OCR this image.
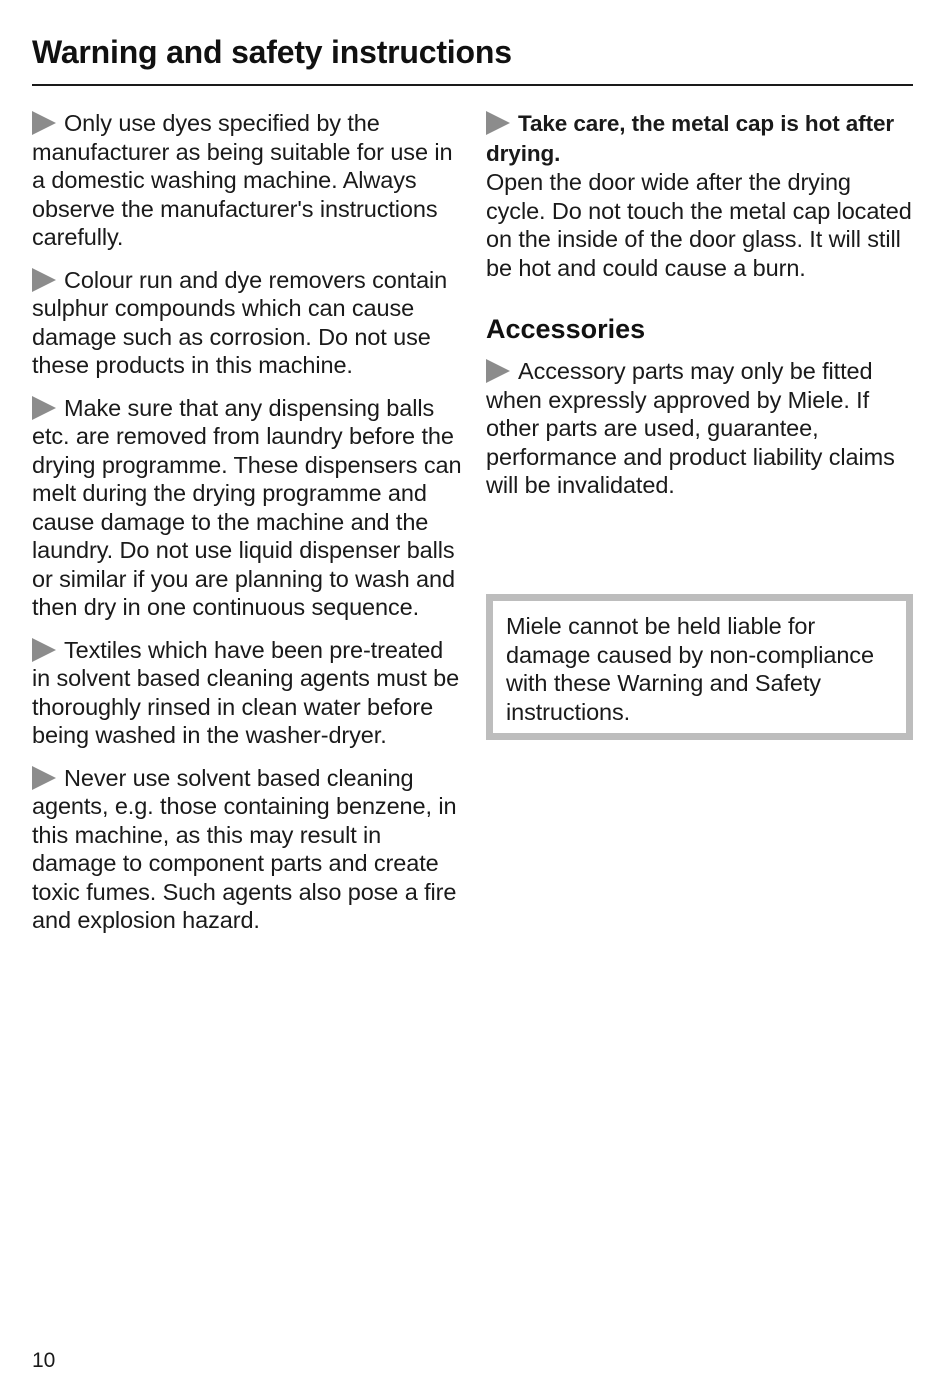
Warning and safety instructions

Only use dyes specified by the manufacturer as being suitable for use in a domestic washing machine. Always observe the manufacturer's instructions carefully.

Colour run and dye removers contain sulphur compounds which can cause damage such as corrosion. Do not use these products in this machine.

Make sure that any dispensing balls etc. are removed from laundry before the drying programme. These dispensers can melt during the drying programme and cause damage to the machine and the laundry. Do not use liquid dispenser balls or similar if you are planning to wash and then dry in one continuous sequence.

Textiles which have been pre-treated in solvent based cleaning agents must be thoroughly rinsed in clean water before being washed in the washer-dryer.

Never use solvent based cleaning agents, e.g. those containing benzene, in this machine, as this may result in damage to component parts and create toxic fumes. Such agents also pose a fire and explosion hazard.

Take care, the metal cap is hot after drying.

Open the door wide after the drying cycle. Do not touch the metal cap located on the inside of the door glass. It will still be hot and could cause a burn.

Accessories

Accessory parts may only be fitted when expressly approved by Miele. If other parts are used, guarantee, performance and product liability claims will be invalidated.

Miele cannot be held liable for damage caused by non-compliance with these Warning and Safety instructions.

10
